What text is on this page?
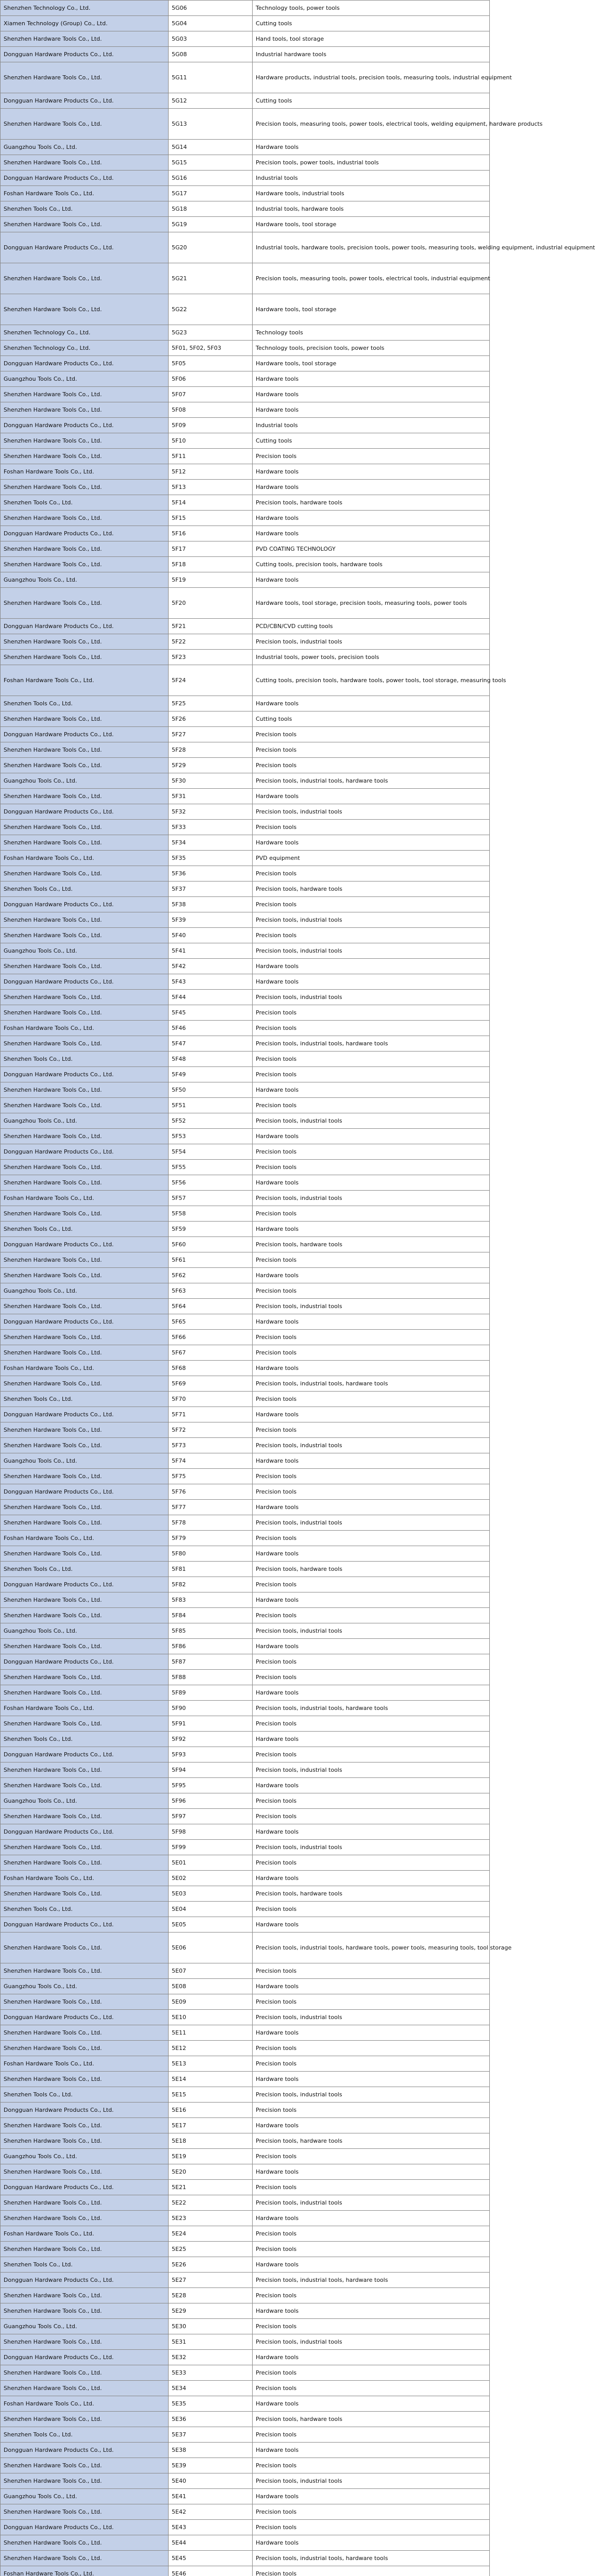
Shenzhen Technology Co., Ltd.	5G06	Technology tools, power tools
Xiamen Technology (Group) Co., Ltd.	5G04	Cutting tools
Shenzhen Hardware Tools Co., Ltd.	5G03	Hand tools, tool storage
Dongguan Hardware Products Co., Ltd.	5G08	Industrial hardware tools
Shenzhen Hardware Tools Co., Ltd.	5G11	Hardware products, industrial tools, precision tools, measuring tools, industrial equipment
Dongguan Hardware Products Co., Ltd.	5G12	Cutting tools
Shenzhen Hardware Tools Co., Ltd.	5G13	Precision tools, measuring tools, power tools, electrical tools, welding equipment, hardware products
Guangzhou Tools Co., Ltd.	5G14	Hardware tools
Shenzhen Hardware Tools Co., Ltd.	5G15	Precision tools, power tools, industrial tools
Dongguan Hardware Products Co., Ltd.	5G16	Industrial tools
Foshan Hardware Tools Co., Ltd.	5G17	Hardware tools, industrial tools
Shenzhen Tools Co., Ltd.	5G18	Industrial tools, hardware tools
Shenzhen Hardware Tools Co., Ltd.	5G19	Hardware tools, tool storage
Dongguan Hardware Products Co., Ltd.	5G20	Industrial tools, hardware tools, precision tools, power tools, measuring tools, welding equipment, industrial equipment
Shenzhen Hardware Tools Co., Ltd.	5G21	Precision tools, measuring tools, power tools, electrical tools, industrial equipment
Shenzhen Hardware Tools Co., Ltd.	5G22	Hardware tools, tool storage
Shenzhen Technology Co., Ltd.	5G23	Technology tools
Shenzhen Technology Co., Ltd.	5F01, 5F02, 5F03	Technology tools, precision tools, power tools
Dongguan Hardware Products Co., Ltd.	5F05	Hardware tools, tool storage
Guangzhou Tools Co., Ltd.	5F06	Hardware tools
Shenzhen Hardware Tools Co., Ltd.	5F07	Hardware tools
Shenzhen Hardware Tools Co., Ltd.	5F08	Hardware tools
Dongguan Hardware Products Co., Ltd.	5F09	Industrial tools
Shenzhen Hardware Tools Co., Ltd.	5F10	Cutting tools
Shenzhen Hardware Tools Co., Ltd.	5F11	Precision tools
Foshan Hardware Tools Co., Ltd.	5F12	Hardware tools
Shenzhen Hardware Tools Co., Ltd.	5F13	Hardware tools
Shenzhen Tools Co., Ltd.	5F14	Precision tools, hardware tools
Shenzhen Hardware Tools Co., Ltd.	5F15	Hardware tools
Dongguan Hardware Products Co., Ltd.	5F16	Hardware tools
Shenzhen Hardware Tools Co., Ltd.	5F17	PVD COATING TECHNOLOGY
Shenzhen Hardware Tools Co., Ltd.	5F18	Cutting tools, precision tools, hardware tools
Guangzhou Tools Co., Ltd.	5F19	Hardware tools
Shenzhen Hardware Tools Co., Ltd.	5F20	Hardware tools, tool storage, precision tools, measuring tools, power tools
Dongguan Hardware Products Co., Ltd.	5F21	PCD/CBN/CVD cutting tools
Shenzhen Hardware Tools Co., Ltd.	5F22	Precision tools, industrial tools
Shenzhen Hardware Tools Co., Ltd.	5F23	Industrial tools, power tools, precision tools
Foshan Hardware Tools Co., Ltd.	5F24	Cutting tools, precision tools, hardware tools, power tools, tool storage, measuring tools
Shenzhen Tools Co., Ltd.	5F25	Hardware tools
Shenzhen Hardware Tools Co., Ltd.	5F26	Cutting tools
Dongguan Hardware Products Co., Ltd.	5F27	Precision tools
Shenzhen Hardware Tools Co., Ltd.	5F28	Precision tools
Shenzhen Hardware Tools Co., Ltd.	5F29	Precision tools
Guangzhou Tools Co., Ltd.	5F30	Precision tools, industrial tools, hardware tools
Shenzhen Hardware Tools Co., Ltd.	5F31	Hardware tools
Dongguan Hardware Products Co., Ltd.	5F32	Precision tools, industrial tools
Shenzhen Hardware Tools Co., Ltd.	5F33	Precision tools
Shenzhen Hardware Tools Co., Ltd.	5F34	Hardware tools
Foshan Hardware Tools Co., Ltd.	5F35	PVD equipment
Shenzhen Hardware Tools Co., Ltd.	5F36	Precision tools
Shenzhen Tools Co., Ltd.	5F37	Precision tools, hardware tools
Dongguan Hardware Products Co., Ltd.	5F38	Precision tools
Shenzhen Hardware Tools Co., Ltd.	5F39	Precision tools, industrial tools
Shenzhen Hardware Tools Co., Ltd.	5F40	Precision tools
Guangzhou Tools Co., Ltd.	5F41	Precision tools, industrial tools
Shenzhen Hardware Tools Co., Ltd.	5F42	Hardware tools
Dongguan Hardware Products Co., Ltd.	5F43	Hardware tools
Shenzhen Hardware Tools Co., Ltd.	5F44	Precision tools, industrial tools
Shenzhen Hardware Tools Co., Ltd.	5F45	Precision tools
Foshan Hardware Tools Co., Ltd.	5F46	Precision tools
Shenzhen Hardware Tools Co., Ltd.	5F47	Precision tools, industrial tools, hardware tools
Shenzhen Tools Co., Ltd.	5F48	Precision tools
Dongguan Hardware Products Co., Ltd.	5F49	Precision tools
Shenzhen Hardware Tools Co., Ltd.	5F50	Hardware tools
Shenzhen Hardware Tools Co., Ltd.	5F51	Precision tools
Guangzhou Tools Co., Ltd.	5F52	Precision tools, industrial tools
Shenzhen Hardware Tools Co., Ltd.	5F53	Hardware tools
Dongguan Hardware Products Co., Ltd.	5F54	Precision tools
Shenzhen Hardware Tools Co., Ltd.	5F55	Precision tools
Shenzhen Hardware Tools Co., Ltd.	5F56	Hardware tools
Foshan Hardware Tools Co., Ltd.	5F57	Precision tools, industrial tools
Shenzhen Hardware Tools Co., Ltd.	5F58	Precision tools
Shenzhen Tools Co., Ltd.	5F59	Hardware tools
Dongguan Hardware Products Co., Ltd.	5F60	Precision tools, hardware tools
Shenzhen Hardware Tools Co., Ltd.	5F61	Precision tools
Shenzhen Hardware Tools Co., Ltd.	5F62	Hardware tools
Guangzhou Tools Co., Ltd.	5F63	Precision tools
Shenzhen Hardware Tools Co., Ltd.	5F64	Precision tools, industrial tools
Dongguan Hardware Products Co., Ltd.	5F65	Hardware tools
Shenzhen Hardware Tools Co., Ltd.	5F66	Precision tools
Shenzhen Hardware Tools Co., Ltd.	5F67	Precision tools
Foshan Hardware Tools Co., Ltd.	5F68	Hardware tools
Shenzhen Hardware Tools Co., Ltd.	5F69	Precision tools, industrial tools, hardware tools
Shenzhen Tools Co., Ltd.	5F70	Precision tools
Dongguan Hardware Products Co., Ltd.	5F71	Hardware tools
Shenzhen Hardware Tools Co., Ltd.	5F72	Precision tools
Shenzhen Hardware Tools Co., Ltd.	5F73	Precision tools, industrial tools
Guangzhou Tools Co., Ltd.	5F74	Hardware tools
Shenzhen Hardware Tools Co., Ltd.	5F75	Precision tools
Dongguan Hardware Products Co., Ltd.	5F76	Precision tools
Shenzhen Hardware Tools Co., Ltd.	5F77	Hardware tools
Shenzhen Hardware Tools Co., Ltd.	5F78	Precision tools, industrial tools
Foshan Hardware Tools Co., Ltd.	5F79	Precision tools
Shenzhen Hardware Tools Co., Ltd.	5F80	Hardware tools
Shenzhen Tools Co., Ltd.	5F81	Precision tools, hardware tools
Dongguan Hardware Products Co., Ltd.	5F82	Precision tools
Shenzhen Hardware Tools Co., Ltd.	5F83	Hardware tools
Shenzhen Hardware Tools Co., Ltd.	5F84	Precision tools
Guangzhou Tools Co., Ltd.	5F85	Precision tools, industrial tools
Shenzhen Hardware Tools Co., Ltd.	5F86	Hardware tools
Dongguan Hardware Products Co., Ltd.	5F87	Precision tools
Shenzhen Hardware Tools Co., Ltd.	5F88	Precision tools
Shenzhen Hardware Tools Co., Ltd.	5F89	Hardware tools
Foshan Hardware Tools Co., Ltd.	5F90	Precision tools, industrial tools, hardware tools
Shenzhen Hardware Tools Co., Ltd.	5F91	Precision tools
Shenzhen Tools Co., Ltd.	5F92	Hardware tools
Dongguan Hardware Products Co., Ltd.	5F93	Precision tools
Shenzhen Hardware Tools Co., Ltd.	5F94	Precision tools, industrial tools
Shenzhen Hardware Tools Co., Ltd.	5F95	Hardware tools
Guangzhou Tools Co., Ltd.	5F96	Precision tools
Shenzhen Hardware Tools Co., Ltd.	5F97	Precision tools
Dongguan Hardware Products Co., Ltd.	5F98	Hardware tools
Shenzhen Hardware Tools Co., Ltd.	5F99	Precision tools, industrial tools
Shenzhen Hardware Tools Co., Ltd.	5E01	Precision tools
Foshan Hardware Tools Co., Ltd.	5E02	Hardware tools
Shenzhen Hardware Tools Co., Ltd.	5E03	Precision tools, hardware tools
Shenzhen Tools Co., Ltd.	5E04	Precision tools
Dongguan Hardware Products Co., Ltd.	5E05	Hardware tools
Shenzhen Hardware Tools Co., Ltd.	5E06	Precision tools, industrial tools, hardware tools, power tools, measuring tools, tool storage
Shenzhen Hardware Tools Co., Ltd.	5E07	Precision tools
Guangzhou Tools Co., Ltd.	5E08	Hardware tools
Shenzhen Hardware Tools Co., Ltd.	5E09	Precision tools
Dongguan Hardware Products Co., Ltd.	5E10	Precision tools, industrial tools
Shenzhen Hardware Tools Co., Ltd.	5E11	Hardware tools
Shenzhen Hardware Tools Co., Ltd.	5E12	Precision tools
Foshan Hardware Tools Co., Ltd.	5E13	Precision tools
Shenzhen Hardware Tools Co., Ltd.	5E14	Hardware tools
Shenzhen Tools Co., Ltd.	5E15	Precision tools, industrial tools
Dongguan Hardware Products Co., Ltd.	5E16	Precision tools
Shenzhen Hardware Tools Co., Ltd.	5E17	Hardware tools
Shenzhen Hardware Tools Co., Ltd.	5E18	Precision tools, hardware tools
Guangzhou Tools Co., Ltd.	5E19	Precision tools
Shenzhen Hardware Tools Co., Ltd.	5E20	Hardware tools
Dongguan Hardware Products Co., Ltd.	5E21	Precision tools
Shenzhen Hardware Tools Co., Ltd.	5E22	Precision tools, industrial tools
Shenzhen Hardware Tools Co., Ltd.	5E23	Hardware tools
Foshan Hardware Tools Co., Ltd.	5E24	Precision tools
Shenzhen Hardware Tools Co., Ltd.	5E25	Precision tools
Shenzhen Tools Co., Ltd.	5E26	Hardware tools
Dongguan Hardware Products Co., Ltd.	5E27	Precision tools, industrial tools, hardware tools
Shenzhen Hardware Tools Co., Ltd.	5E28	Precision tools
Shenzhen Hardware Tools Co., Ltd.	5E29	Hardware tools
Guangzhou Tools Co., Ltd.	5E30	Precision tools
Shenzhen Hardware Tools Co., Ltd.	5E31	Precision tools, industrial tools
Dongguan Hardware Products Co., Ltd.	5E32	Hardware tools
Shenzhen Hardware Tools Co., Ltd.	5E33	Precision tools
Shenzhen Hardware Tools Co., Ltd.	5E34	Precision tools
Foshan Hardware Tools Co., Ltd.	5E35	Hardware tools
Shenzhen Hardware Tools Co., Ltd.	5E36	Precision tools, hardware tools
Shenzhen Tools Co., Ltd.	5E37	Precision tools
Dongguan Hardware Products Co., Ltd.	5E38	Hardware tools
Shenzhen Hardware Tools Co., Ltd.	5E39	Precision tools
Shenzhen Hardware Tools Co., Ltd.	5E40	Precision tools, industrial tools
Guangzhou Tools Co., Ltd.	5E41	Hardware tools
Shenzhen Hardware Tools Co., Ltd.	5E42	Precision tools
Dongguan Hardware Products Co., Ltd.	5E43	Precision tools
Shenzhen Hardware Tools Co., Ltd.	5E44	Hardware tools
Shenzhen Hardware Tools Co., Ltd.	5E45	Precision tools, industrial tools, hardware tools
Foshan Hardware Tools Co., Ltd.	5E46	Precision tools
